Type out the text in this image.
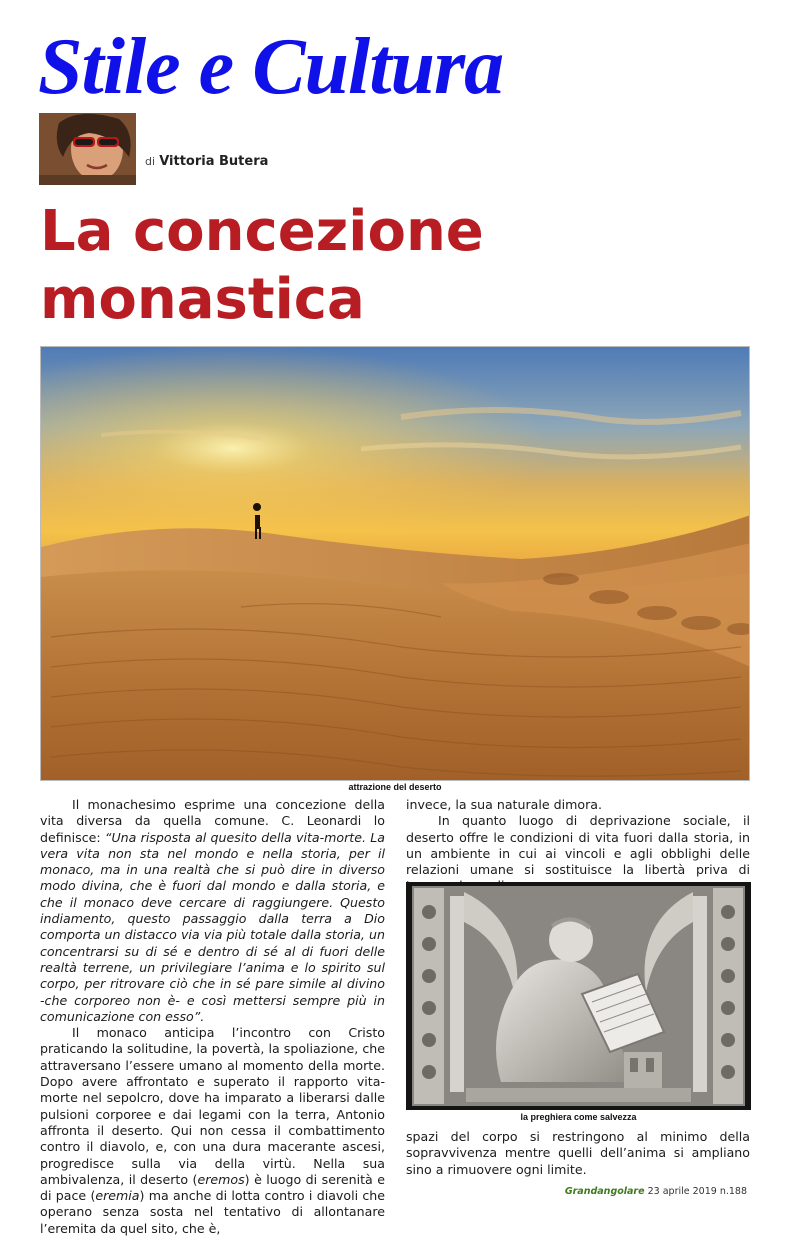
Stile e Cultura
di Vittoria Butera
La concezione monastica
attrazione del deserto

Il monachesimo esprime una concezione della vita diversa da quella comune. C. Leonardi lo definisce: “Una risposta al quesito della vita-morte. La vera vita non sta nel mondo e nella storia, per il monaco, ma in una realtà che si può dire in diverso modo divina, che è fuori dal mondo e dalla storia, e che il monaco deve cercare di raggiungere. Questo indiamento, questo passaggio dalla terra a Dio comporta un distacco via via più totale dalla storia, un concentrarsi su di sé e dentro di sé al di fuori delle realtà terrene, un privilegiare l’anima e lo spirito sul corpo, per ritrovare ciò che in sé pare simile al divino -che corporeo non è- e così mettersi sempre più in comunicazione con esso”.

Il monaco anticipa l’incontro con Cristo praticando la solitudine, la povertà, la spoliazione, che attraversano l’essere umano al momento della morte. Dopo avere affrontato e superato il rapporto vita-morte nel sepolcro, dove ha imparato a liberarsi dalle pulsioni corporee e dai legami con la terra, Antonio affronta il deserto. Qui non cessa il combattimento contro il diavolo, e, con una dura macerante ascesi, progredisce sulla via della virtù. Nella sua ambivalenza, il deserto (eremos) è luogo di serenità e di pace (eremia) ma anche di lotta contro i diavoli che operano senza sosta nel tentativo di allontanare l’eremita da quel sito, che è,

invece, la sua naturale dimora.

In quanto luogo di deprivazione sociale, il deserto offre le condizioni di vita fuori dalla storia, in un ambiente in cui ai vincoli e agli obblighi delle relazioni umane si sostituisce la libertà priva di

la preghiera come salvezza

spazi del corpo si restringono al minimo della sopravvivenza mentre quelli dell’anima si ampliano sino a rimuovere ogni limite.

Grandangolare 23 aprile 2019 n.188
